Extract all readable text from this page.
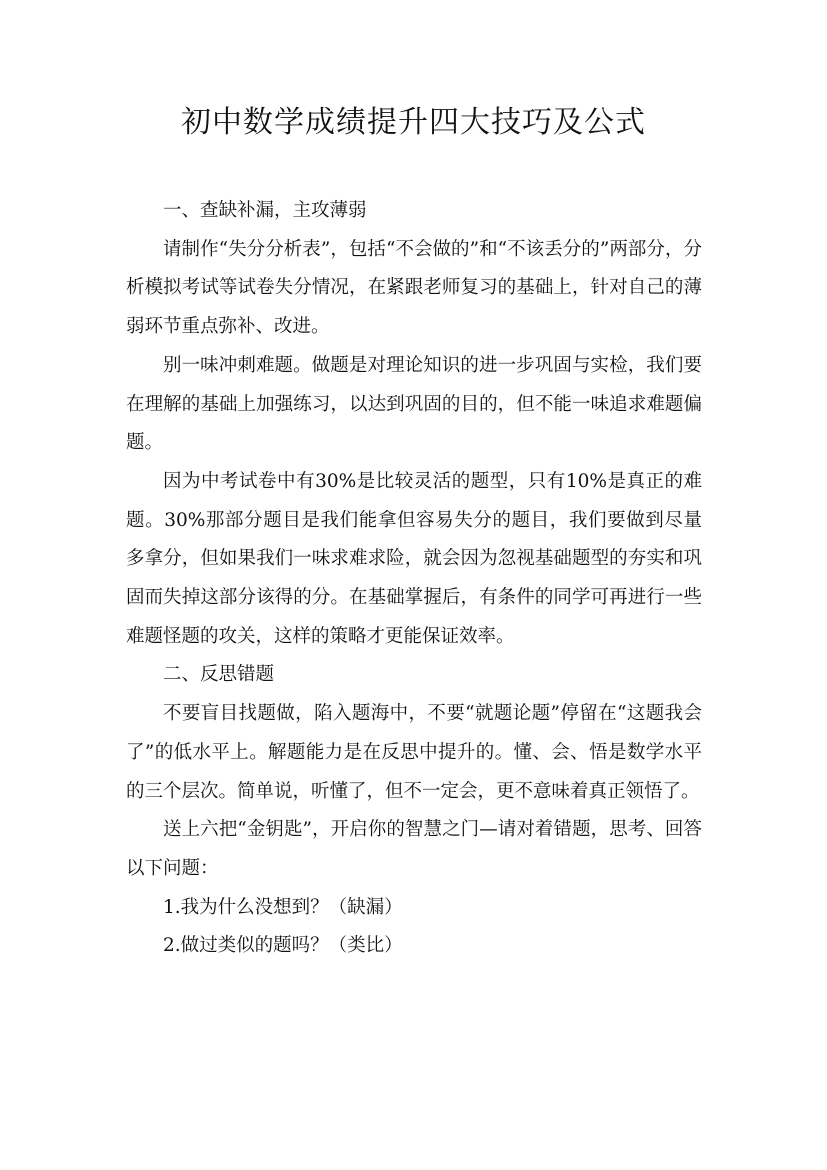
初中数学成绩提升四大技巧及公式

一、查缺补漏，主攻薄弱

请制作“失分分析表”，包括“不会做的”和“不该丢分的”两部分，分析模拟考试等试卷失分情况，在紧跟老师复习的基础上，针对自己的薄弱环节重点弥补、改进。

别一味冲刺难题。做题是对理论知识的进一步巩固与实检，我们要在理解的基础上加强练习，以达到巩固的目的，但不能一味追求难题偏题。

因为中考试卷中有30%是比较灵活的题型，只有10%是真正的难题。30%那部分题目是我们能拿但容易失分的题目，我们要做到尽量多拿分，但如果我们一味求难求险，就会因为忽视基础题型的夯实和巩固而失掉这部分该得的分。在基础掌握后，有条件的同学可再进行一些难题怪题的攻关，这样的策略才更能保证效率。

二、反思错题

不要盲目找题做，陷入题海中，不要“就题论题”停留在“这题我会了”的低水平上。解题能力是在反思中提升的。懂、会、悟是数学水平的三个层次。简单说，听懂了，但不一定会，更不意味着真正领悟了。

送上六把“金钥匙”，开启你的智慧之门—请对着错题，思考、回答以下问题：

1.我为什么没想到？（缺漏）

2.做过类似的题吗？（类比）
